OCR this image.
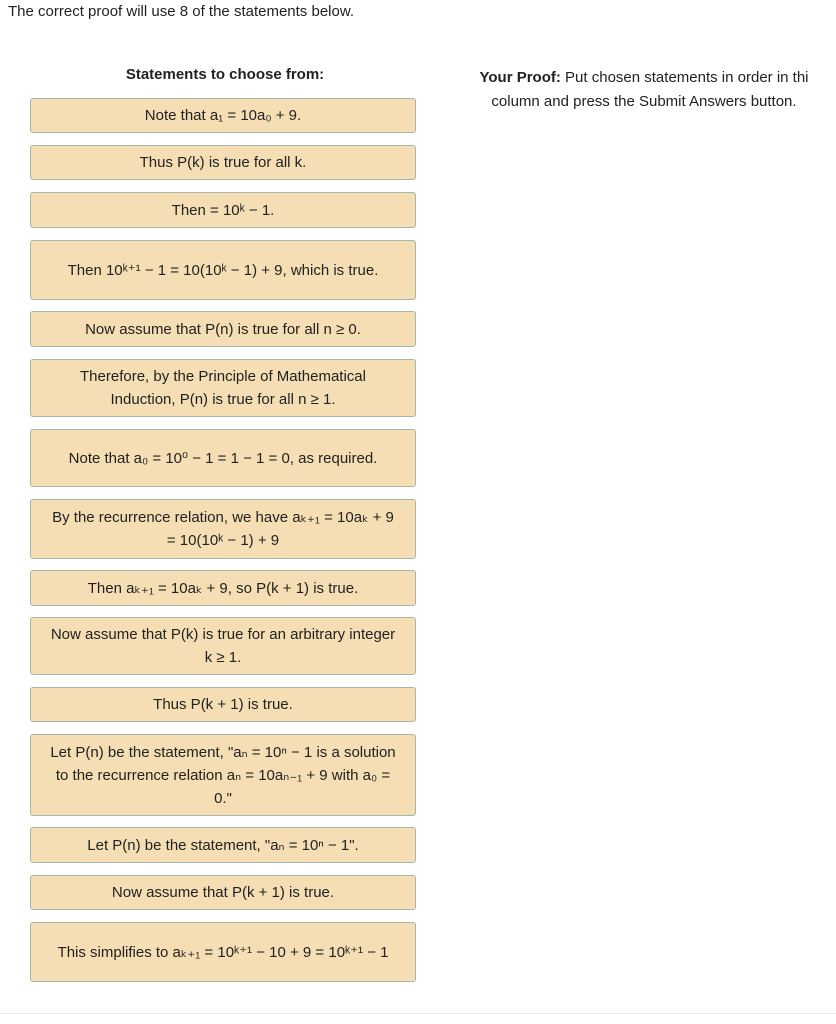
The correct proof will use 8 of the statements below.
Statements to choose from:	Your Proof: Put chosen statements in order in thi
column and press the Submit Answers button.
Note that a₁ = 10a₀ + 9.
Thus P(k) is true for all k.
Then = 10ᵏ − 1.
Then 10ᵏ⁺¹ − 1 = 10(10ᵏ − 1) + 9, which is true.
Now assume that P(n) is true for all n ≥ 0.
Therefore, by the Principle of Mathematical Induction, P(n) is true for all n ≥ 1.
Note that a₀ = 10⁰ − 1 = 1 − 1 = 0, as required.
By the recurrence relation, we have aₖ₊₁ = 10aₖ + 9 = 10(10ᵏ − 1) + 9
Then aₖ₊₁ = 10aₖ + 9, so P(k + 1) is true.
Now assume that P(k) is true for an arbitrary integer k ≥ 1.
Thus P(k + 1) is true.
Let P(n) be the statement, "aₙ = 10ⁿ − 1 is a solution to the recurrence relation aₙ = 10aₙ₋₁ + 9 with a₀ = 0."
Let P(n) be the statement, "aₙ = 10ⁿ − 1".
Now assume that P(k + 1) is true.
This simplifies to aₖ₊₁ = 10ᵏ⁺¹ − 10 + 9 = 10ᵏ⁺¹ − 1
